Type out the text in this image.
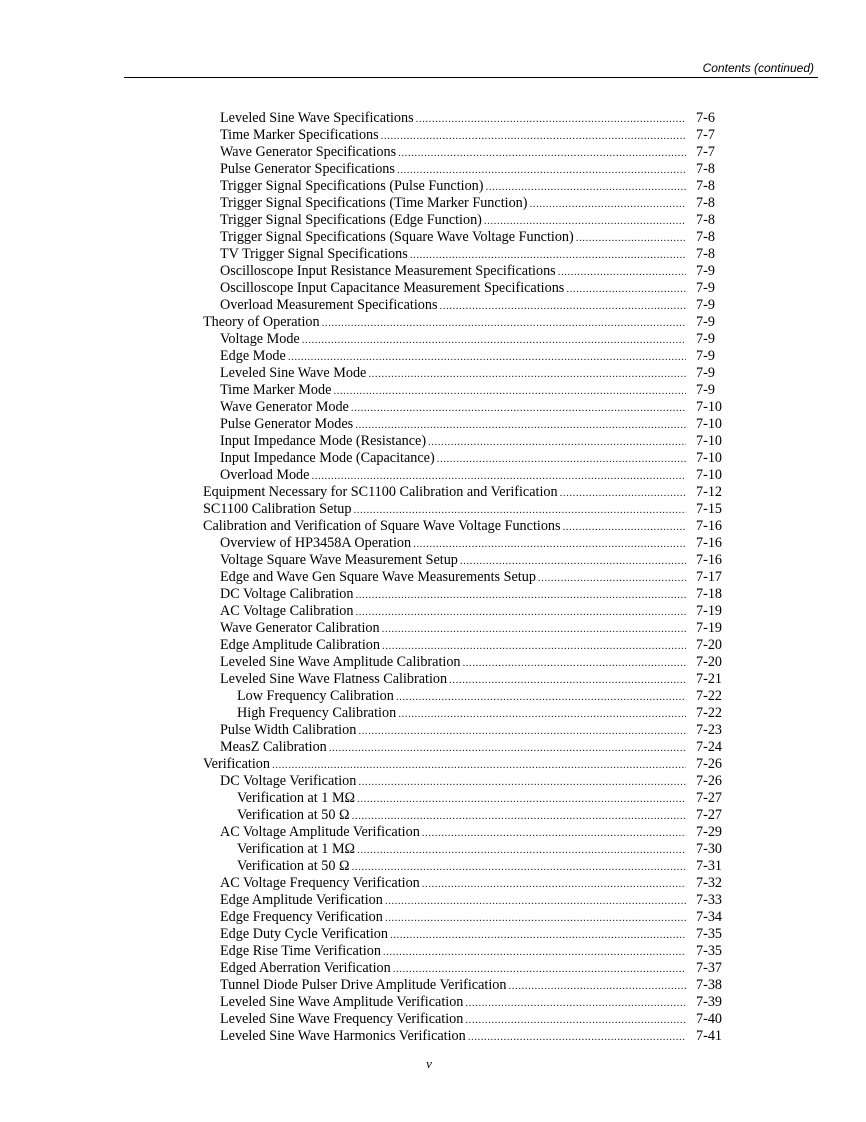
Contents (continued)
Leveled Sine Wave Specifications .....	7-6
Time Marker Specifications .....	7-7
Wave Generator Specifications .....	7-7
Pulse Generator Specifications .....	7-8
Trigger Signal Specifications (Pulse Function) .....	7-8
Trigger Signal Specifications (Time Marker Function) .....	7-8
Trigger Signal Specifications (Edge Function) .....	7-8
Trigger Signal Specifications (Square Wave Voltage Function) .....	7-8
TV Trigger Signal Specifications .....	7-8
Oscilloscope Input Resistance Measurement Specifications .....	7-9
Oscilloscope Input Capacitance Measurement Specifications .....	7-9
Overload Measurement Specifications .....	7-9
Theory of Operation .....	7-9
Voltage Mode .....	7-9
Edge Mode .....	7-9
Leveled Sine Wave Mode .....	7-9
Time Marker Mode .....	7-9
Wave Generator Mode .....	7-10
Pulse Generator Modes .....	7-10
Input Impedance Mode (Resistance) .....	7-10
Input Impedance Mode (Capacitance) .....	7-10
Overload Mode .....	7-10
Equipment Necessary for SC1100 Calibration and Verification .....	7-12
SC1100 Calibration Setup .....	7-15
Calibration and Verification of Square Wave Voltage Functions .....	7-16
Overview of HP3458A Operation .....	7-16
Voltage Square Wave Measurement Setup .....	7-16
Edge and Wave Gen Square Wave Measurements Setup .....	7-17
DC Voltage Calibration .....	7-18
AC Voltage Calibration .....	7-19
Wave Generator Calibration .....	7-19
Edge Amplitude Calibration .....	7-20
Leveled Sine Wave Amplitude Calibration .....	7-20
Leveled Sine Wave Flatness Calibration .....	7-21
Low Frequency Calibration .....	7-22
High Frequency Calibration .....	7-22
Pulse Width Calibration .....	7-23
MeasZ Calibration .....	7-24
Verification .....	7-26
DC Voltage Verification .....	7-26
Verification at 1 MΩ .....	7-27
Verification at 50 Ω .....	7-27
AC Voltage Amplitude Verification .....	7-29
Verification at 1 MΩ .....	7-30
Verification at 50 Ω .....	7-31
AC Voltage Frequency Verification .....	7-32
Edge Amplitude Verification .....	7-33
Edge Frequency Verification .....	7-34
Edge Duty Cycle Verification .....	7-35
Edge Rise Time Verification .....	7-35
Edged Aberration Verification .....	7-37
Tunnel Diode Pulser Drive Amplitude Verification .....	7-38
Leveled Sine Wave Amplitude Verification .....	7-39
Leveled Sine Wave Frequency Verification .....	7-40
Leveled Sine Wave Harmonics Verification .....	7-41
v
